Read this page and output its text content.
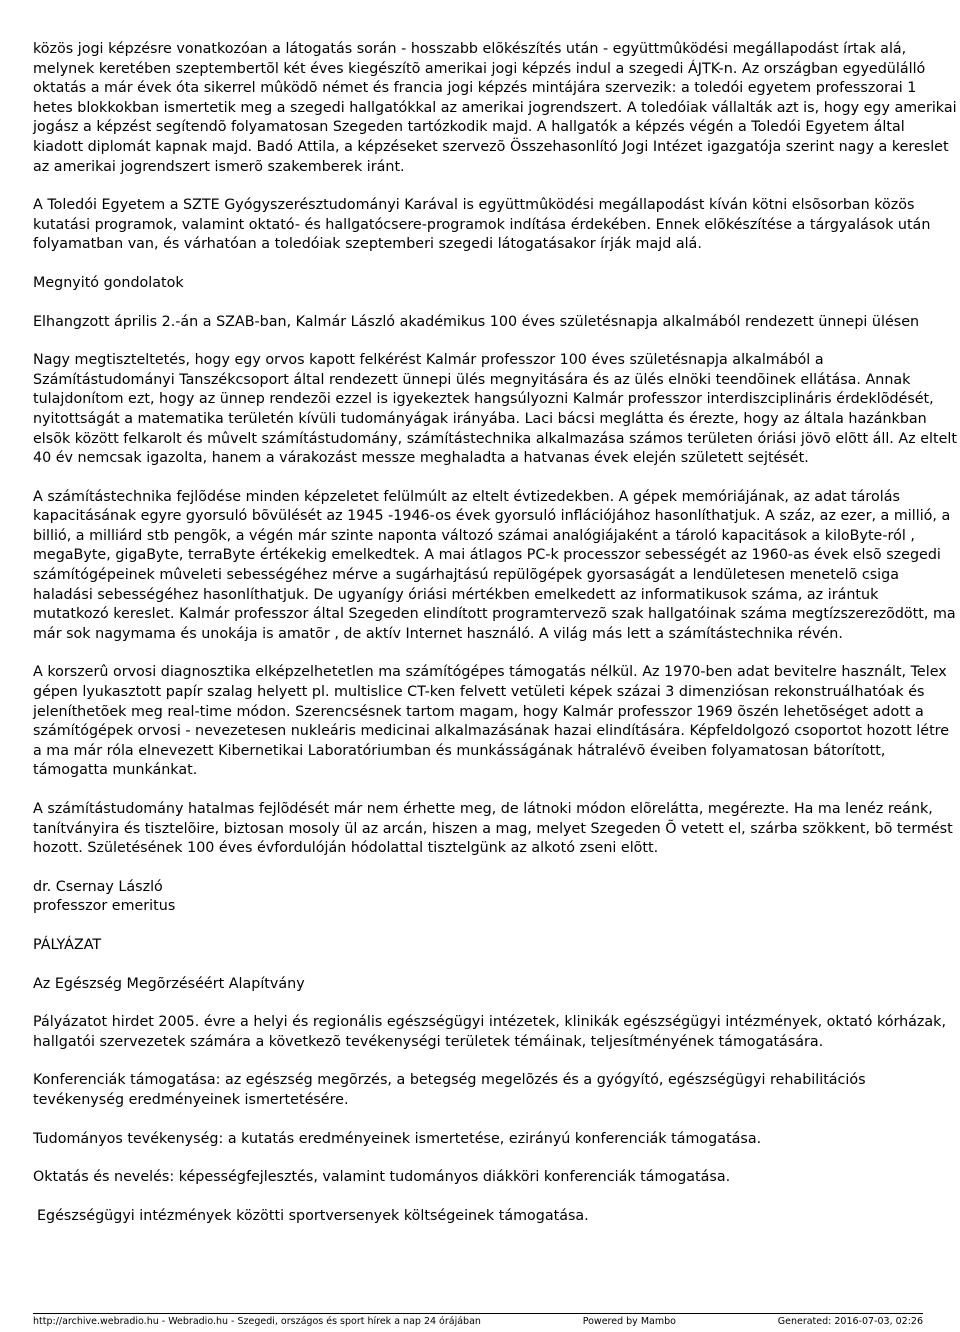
közös jogi képzésre vonatkozóan a látogatás során - hosszabb elõkészítés után - együttmûködési megállapodást írtak alá, melynek keretében szeptembertõl két éves kiegészítõ amerikai jogi képzés indul a szegedi ÁJTK-n. Az országban egyedülálló oktatás a már évek óta sikerrel mûködõ német és francia jogi képzés mintájára szervezik: a toledói egyetem professzorai 1 hetes blokkokban ismertetik meg a szegedi hallgatókkal az amerikai jogrendszert. A toledóiak vállalták azt is, hogy egy amerikai jogász a képzést segítendõ folyamatosan Szegeden tartózkodik majd. A hallgatók a képzés végén a Toledói Egyetem által kiadott diplomát kapnak majd. Badó Attila, a képzéseket szervezõ Összehasonlító Jogi Intézet igazgatója szerint nagy a kereslet az amerikai jogrendszert ismerõ szakemberek iránt.

A Toledói Egyetem a SZTE Gyógyszerésztudományi Karával is együttmûködési megállapodást kíván kötni elsõsorban közös kutatási programok, valamint oktató- és hallgatócsere-programok indítása érdekében. Ennek elõkészítése a tárgyalások után folyamatban van, és várhatóan a toledóiak szeptemberi szegedi látogatásakor írják majd alá.

Megnyitó gondolatok

Elhangzott április 2.-án a SZAB-ban, Kalmár László akadémikus 100 éves születésnapja alkalmából rendezett ünnepi ülésen

Nagy megtiszteltetés, hogy egy orvos kapott felkérést Kalmár professzor 100 éves születésnapja alkalmából a Számítástudományi Tanszékcsoport által rendezett ünnepi ülés megnyitására és az ülés elnöki teendõinek ellátása. Annak tulajdonítom ezt, hogy az ünnep rendezõi ezzel is igyekeztek hangsúlyozni Kalmár professzor interdiszciplináris érdeklõdését, nyitottságát a matematika területén kívüli tudományágak irányába. Laci bácsi meglátta és érezte, hogy az általa hazánkban elsõk között felkarolt és mûvelt számítástudomány, számítástechnika alkalmazása számos területen óriási jövõ elõtt áll. Az eltelt 40 év nemcsak igazolta, hanem a várakozást messze meghaladta a hatvanas évek elején született sejtését.

A számítástechnika fejlõdése minden képzeletet felülmúlt az eltelt évtizedekben. A gépek memóriájának, az adat tárolás kapacitásának egyre gyorsuló bõvülését az 1945 -1946-os évek gyorsuló inflációjához hasonlíthatjuk. A száz, az ezer, a millió, a billió, a milliárd stb pengõk, a végén már szinte naponta változó számai analógiájaként a tároló kapacitások a kiloByte-ról , megaByte, gigaByte, terraByte értékekig emelkedtek. A mai átlagos PC-k processzor sebességét az 1960-as évek elsõ szegedi számítógépeinek mûveleti sebességéhez mérve a sugárhajtású repülõgépek gyorsaságát a lendületesen menetelõ csiga haladási sebességéhez hasonlíthatjuk. De ugyanígy óriási mértékben emelkedett az informatikusok száma, az irántuk mutatkozó kereslet. Kalmár professzor által Szegeden elindított programtervezõ szak hallgatóinak száma megtízszerezõdött, ma már sok nagymama és unokája is amatõr , de aktív Internet használó. A világ más lett a számítástechnika révén.

A korszerû orvosi diagnosztika elképzelhetetlen ma számítógépes támogatás nélkül. Az 1970-ben adat bevitelre használt, Telex gépen lyukasztott papír szalag helyett pl. multislice CT-ken felvett vetületi képek százai 3 dimenziósan rekonstruálhatóak és jeleníthetõek meg real-time módon. Szerencsésnek tartom magam, hogy Kalmár professzor 1969 õszén lehetõséget adott a számítógépek orvosi - nevezetesen nukleáris medicinai alkalmazásának hazai elindítására. Képfeldolgozó csoportot hozott létre a ma már róla elnevezett Kibernetikai Laboratóriumban és munkásságának hátralévõ éveiben folyamatosan bátorított, támogatta munkánkat.

A számítástudomány hatalmas fejlõdését már nem érhette meg, de látnoki módon elõrelátta, megérezte. Ha ma lenéz reánk, tanítványira és tisztelõire, biztosan mosoly ül az arcán, hiszen a mag, melyet Szegeden Õ vetett el, szárba szökkent, bõ termést hozott. Születésének 100 éves évfordulóján hódolattal tisztelgünk az alkotó zseni elõtt.

dr. Csernay László

professzor emeritus

PÁLYÁZAT

Az Egészség Megõrzéséért Alapítvány

Pályázatot hirdet 2005. évre a helyi és regionális egészségügyi intézetek, klinikák egészségügyi intézmények, oktató kórházak, hallgatói szervezetek számára a következõ tevékenységi területek témáinak, teljesítményének támogatására.

Konferenciák támogatása: az egészség megõrzés, a betegség megelõzés és a gyógyító, egészségügyi rehabilitációs tevékenység eredményeinek ismertetésére.

Tudományos tevékenység: a kutatás eredményeinek ismertetése, ezirányú konferenciák támogatása.

Oktatás és nevelés: képességfejlesztés, valamint tudományos diákköri konferenciák támogatása.

Egészségügyi intézmények közötti sportversenyek költségeinek támogatása.

http://archive.webradio.hu - Webradio.hu - Szegedi, országos és sport hírek a nap 24 órájában	Powered by Mambo	Generated: 2016-07-03, 02:26
